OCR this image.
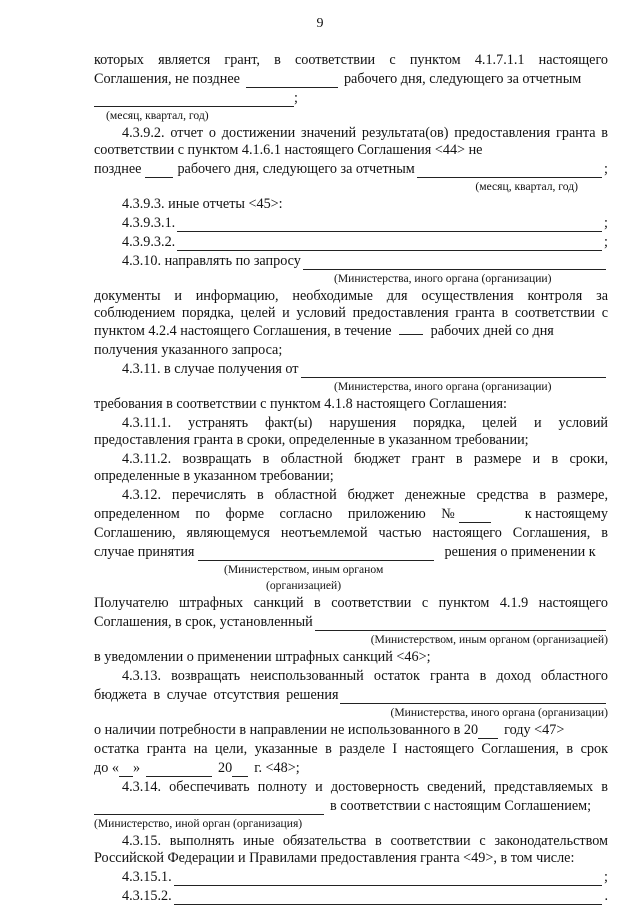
9
которых является грант, в соответствии с пунктом 4.1.7.1.1 настоящего
Соглашения, не позднее	рабочего дня, следующего за отчетным
;
(месяц, квартал, год)
4.3.9.2. отчет о достижении значений результата(ов) предоставления гранта в соответствии с пунктом 4.1.6.1 настоящего Соглашения <44> не
позднее	рабочего дня, следующего за отчетным	;
(месяц, квартал, год)
4.3.9.3. иные отчеты <45>:
4.3.9.3.1.	;
4.3.9.3.2.	;
4.3.10. направлять по запросу
(Министерства, иного органа (организации)
документы и информацию, необходимые для осуществления контроля за соблюдением порядка, целей и условий предоставления гранта в соответствии с пунктом 4.2.4 настоящего Соглашения, в течение	рабочих дней со дня
получения указанного запроса;
4.3.11. в случае получения от
(Министерства, иного органа (организации)
требования в соответствии с пунктом 4.1.8 настоящего Соглашения:
4.3.11.1. устранять факт(ы) нарушения порядка, целей и условий предоставления гранта в сроки, определенные в указанном требовании;
4.3.11.2. возвращать в областной бюджет грант в размере и в сроки, определенные в указанном требовании;
4.3.12. перечислять в областной бюджет денежные средства в размере,
определенном по форме согласно приложению №	к настоящему
Соглашению, являющемуся неотъемлемой частью настоящего Соглашения, в
случае принятия	решения о применении к
(Министерством, иным органом
(организацией)
Получателю штрафных санкций в соответствии с пунктом 4.1.9 настоящего
Соглашения, в срок, установленный
(Министерством, иным органом (организацией)
в уведомлении о применении штрафных санкций <46>;
4.3.13. возвращать неиспользованный остаток гранта в доход областного
бюджета в случае отсутствия решения
(Министерства, иного органа (организации)
о наличии потребности в направлении не использованного в 20 году <47>
остатка гранта на цели, указанные в разделе I настоящего Соглашения, в срок
до « »	20 г. <48>;
4.3.14. обеспечивать полноту и достоверность сведений, представляемых в
в соответствии с настоящим Соглашением;
(Министерство, иной орган (организация)
4.3.15. выполнять иные обязательства в соответствии с законодательством Российской Федерации и Правилами предоставления гранта <49>, в том числе:
4.3.15.1.	;
4.3.15.2.	.
